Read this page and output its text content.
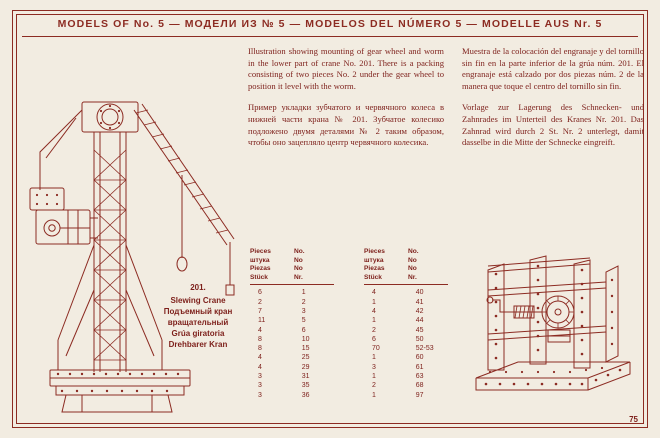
MODELS OF No. 5 — МОДЕЛИ ИЗ № 5 — MODELOS DEL NÚMERO 5 — MODELLE AUS Nr. 5

Illustration showing mounting of gear wheel and worm in the lower part of crane No. 201. There is a packing consisting of two pieces No. 2 under the gear wheel to position it level with the worm.

Пример укладки зубчатого и червячного колеса в нижней части крана № 201. Зубчатое колесико подложено двумя деталями № 2 таким образом, чтобы оно зацепляло центр червячного колесика.

Muestra de la colocación del engranaje y del tornillo sin fin en la parte inferior de la grúa núm. 201. El engranaje está calzado por dos piezas núm. 2 de la manera que toque el centro del tornillo sin fin.

Vorlage zur Lagerung des Schnecken- und Zahnrades im Unterteil des Kranes Nr. 201. Das Zahnrad wird durch 2 St. Nr. 2 unterlegt, damit dasselbe in die Mitte der Schnecke eingreift.

201.
Slewing Crane
Подъемный кран вращательный
Grúa giratoria
Drehbarer Kran
Pieces	No.
штука	No
Piezas	No
Stück	Nr.
6	1
2	2
7	3
11	5
4	6
8	10
8	15
4	25
4	29
3	31
3	35
3	36
Pieces	No.
штука	No
Piezas	No
Stück	Nr.
4	40
1	41
4	42
1	44
2	45
6	50
70	52-53
1	60
3	61
1	63
2	68
1	97
75
